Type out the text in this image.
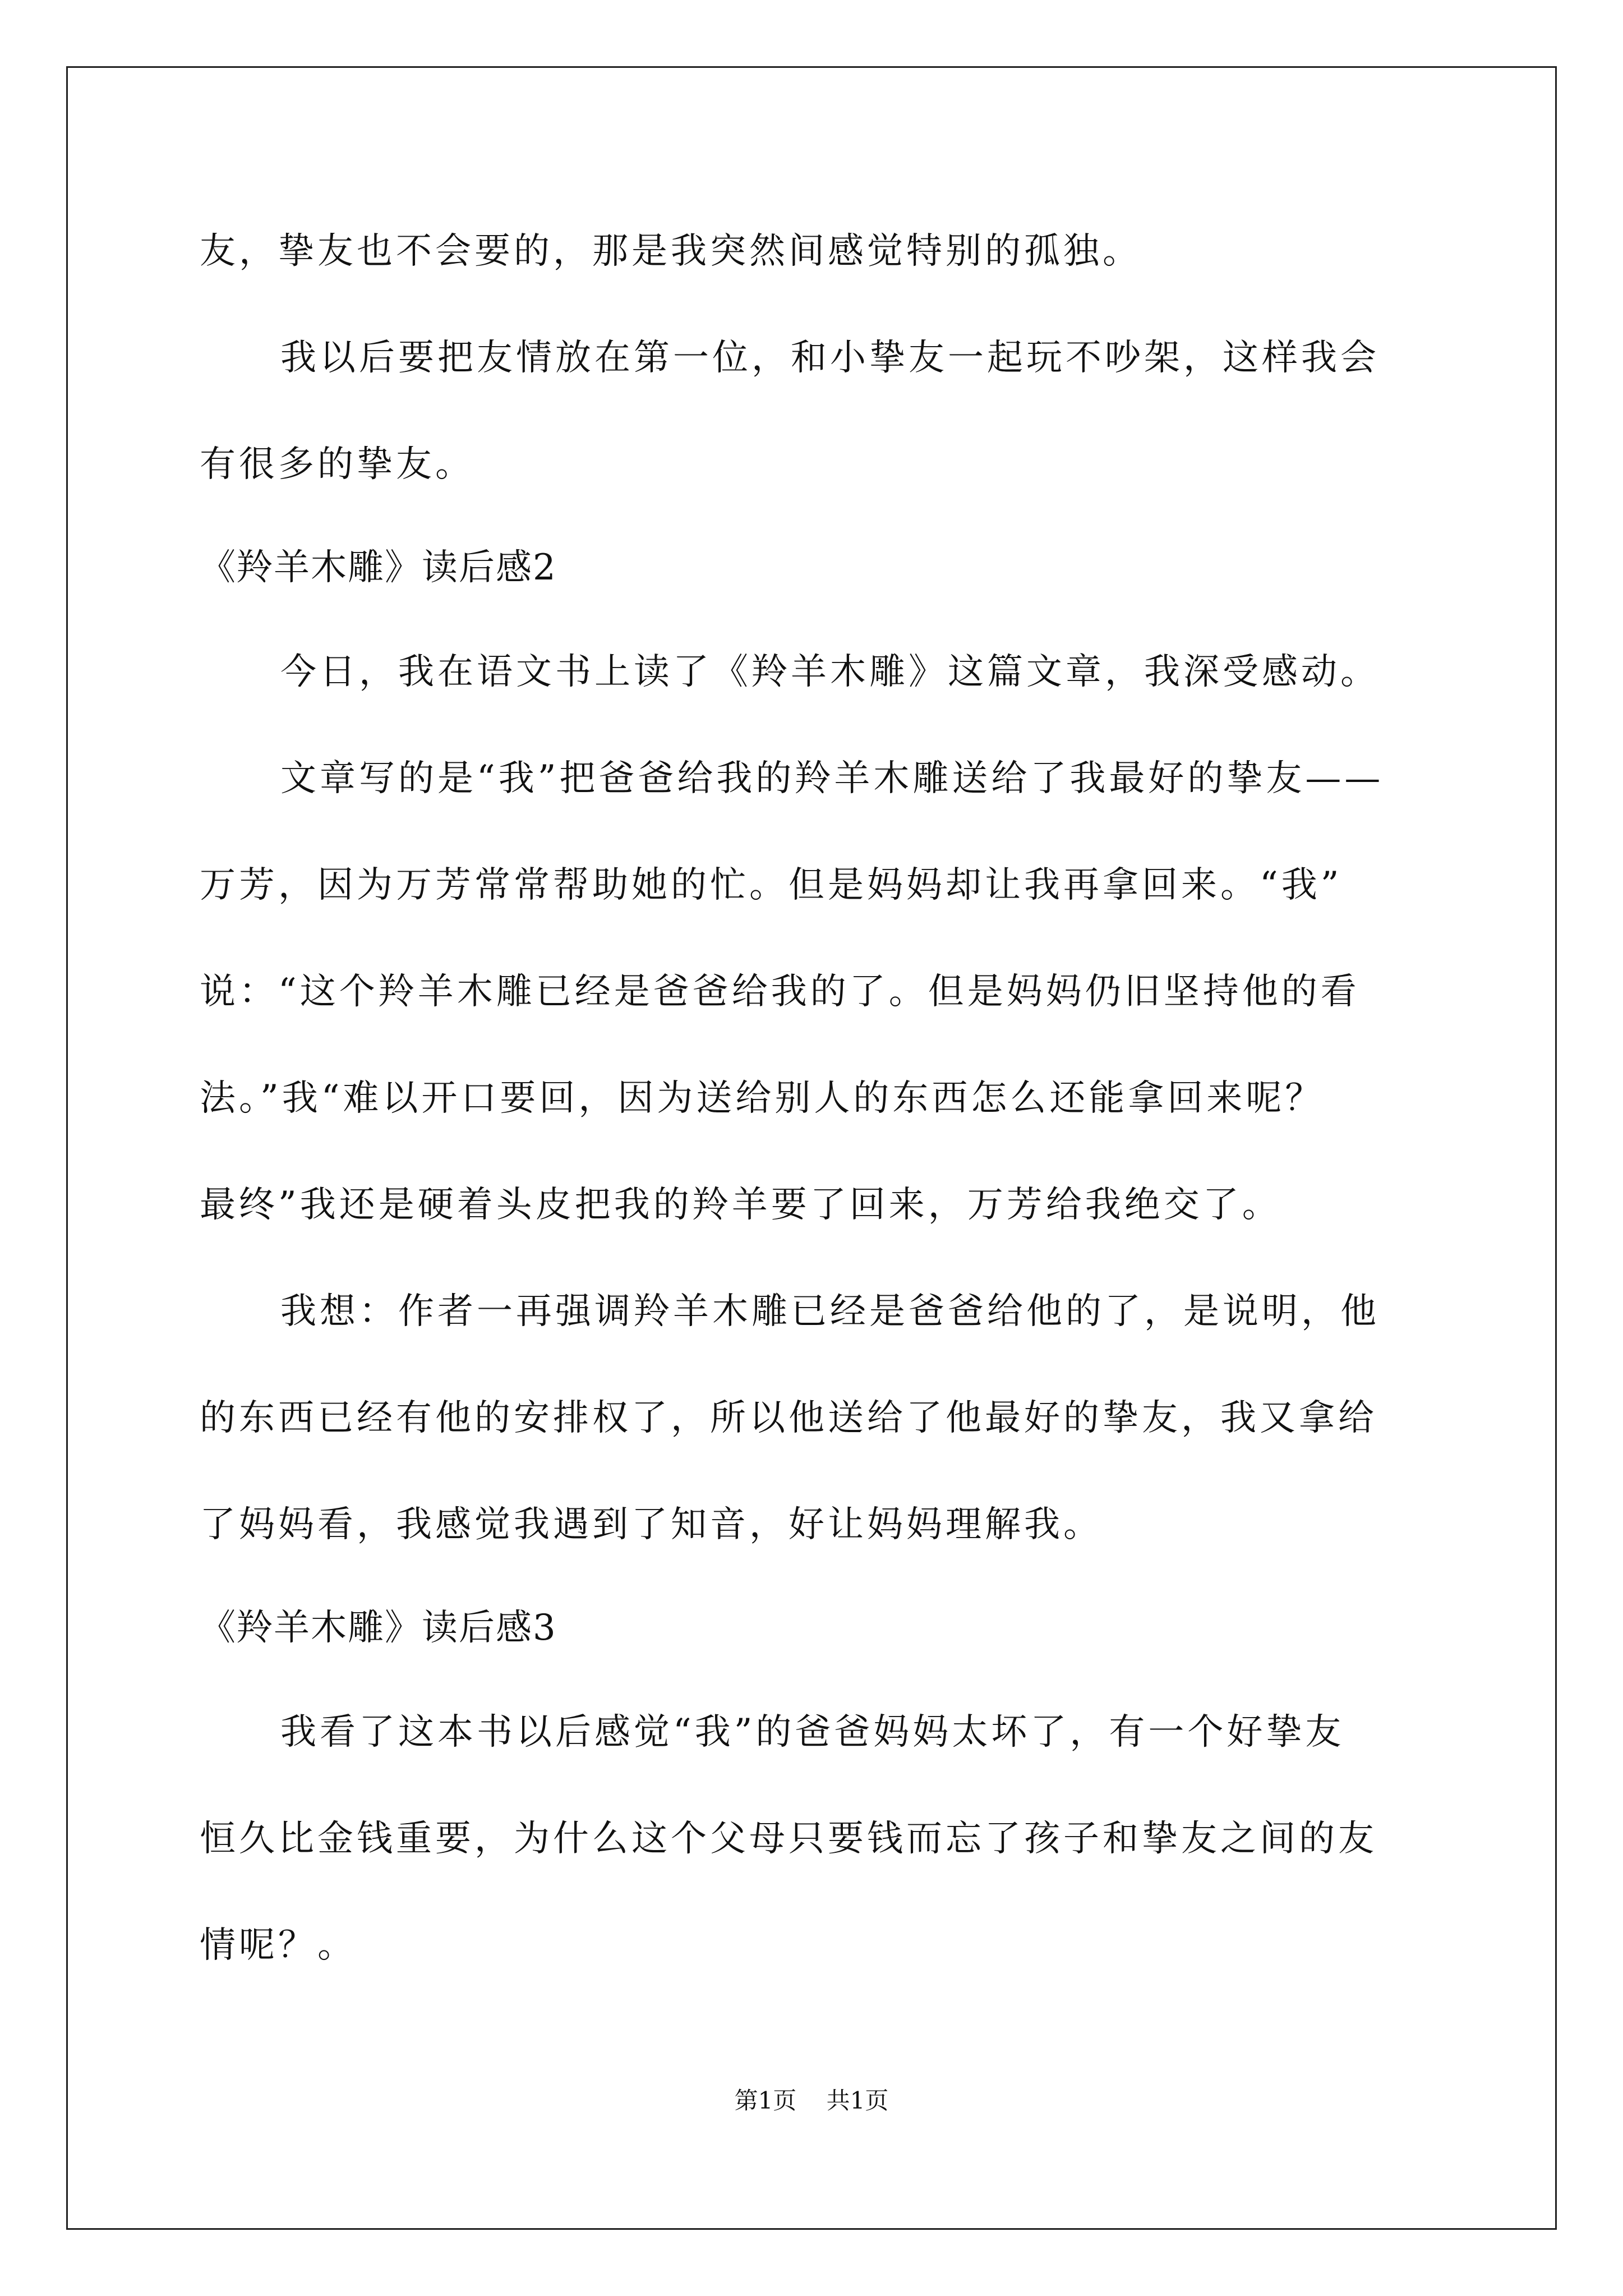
友，挚友也不会要的，那是我突然间感觉特别的孤独。
我以后要把友情放在第一位，和小挚友一起玩不吵架，这样我会
有很多的挚友。
《羚羊木雕》读后感2
今日，我在语文书上读了《羚羊木雕》这篇文章，我深受感动。
文章写的是“我”把爸爸给我的羚羊木雕送给了我最好的挚友——
万芳，因为万芳常常帮助她的忙。但是妈妈却让我再拿回来。“我”
说：“这个羚羊木雕已经是爸爸给我的了。但是妈妈仍旧坚持他的看
法。”我“难以开口要回，因为送给别人的东西怎么还能拿回来呢？
最终”我还是硬着头皮把我的羚羊要了回来，万芳给我绝交了。
我想：作者一再强调羚羊木雕已经是爸爸给他的了，是说明，他
的东西已经有他的安排权了，所以他送给了他最好的挚友，我又拿给
了妈妈看，我感觉我遇到了知音，好让妈妈理解我。
《羚羊木雕》读后感3
我看了这本书以后感觉“我”的爸爸妈妈太坏了，有一个好挚友
恒久比金钱重要，为什么这个父母只要钱而忘了孩子和挚友之间的友
情呢？。
第1页    共1页
